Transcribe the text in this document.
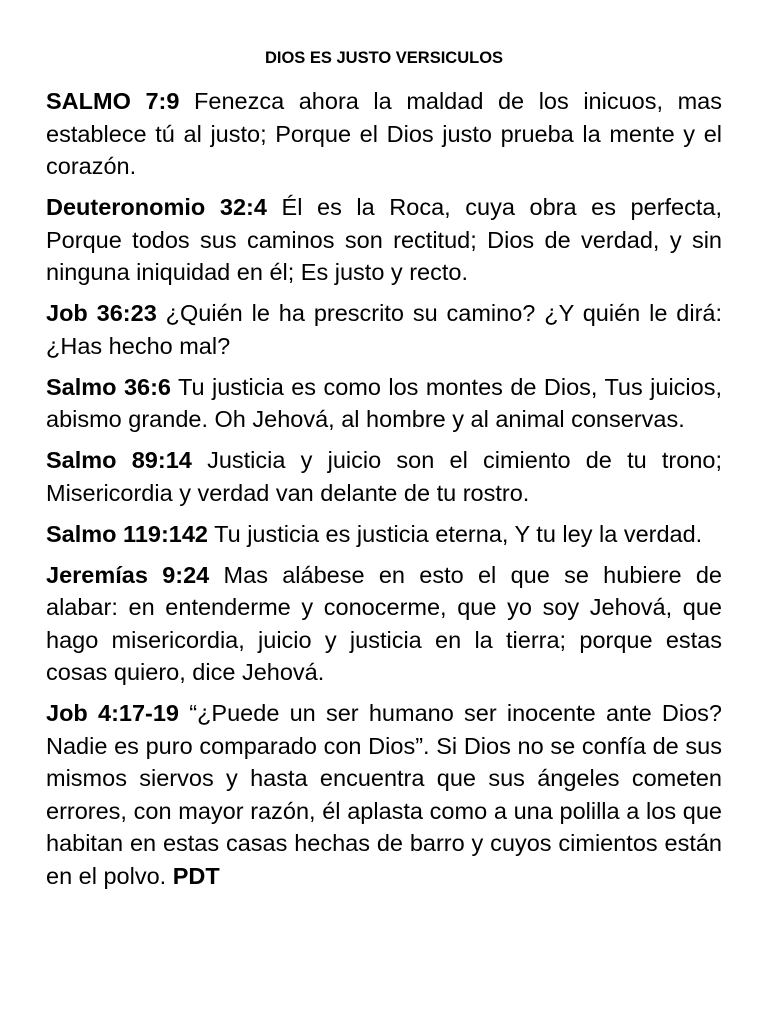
DIOS ES JUSTO VERSICULOS

SALMO 7:9 Fenezca ahora la maldad de los inicuos, mas establece tú al justo; Porque el Dios justo prueba la mente y el corazón.

Deuteronomio 32:4 Él es la Roca, cuya obra es perfecta, Porque todos sus caminos son rectitud; Dios de verdad, y sin ninguna iniquidad en él; Es justo y recto.

Job 36:23 ¿Quién le ha prescrito su camino? ¿Y quién le dirá: ¿Has hecho mal?

Salmo 36:6 Tu justicia es como los montes de Dios, Tus juicios, abismo grande. Oh Jehová, al hombre y al animal conservas.

Salmo 89:14 Justicia y juicio son el cimiento de tu trono; Misericordia y verdad van delante de tu rostro.

Salmo 119:142 Tu justicia es justicia eterna, Y tu ley la verdad.

Jeremías 9:24 Mas alábese en esto el que se hubiere de alabar: en entenderme y conocerme, que yo soy Jehová, que hago misericordia, juicio y justicia en la tierra; porque estas cosas quiero, dice Jehová.

Job 4:17-19 “¿Puede un ser humano ser inocente ante Dios? Nadie es puro comparado con Dios”. Si Dios no se confía de sus mismos siervos y hasta encuentra que sus ángeles cometen errores, con mayor razón, él aplasta como a una polilla a los que habitan en estas casas hechas de barro y cuyos cimientos están en el polvo. PDT
